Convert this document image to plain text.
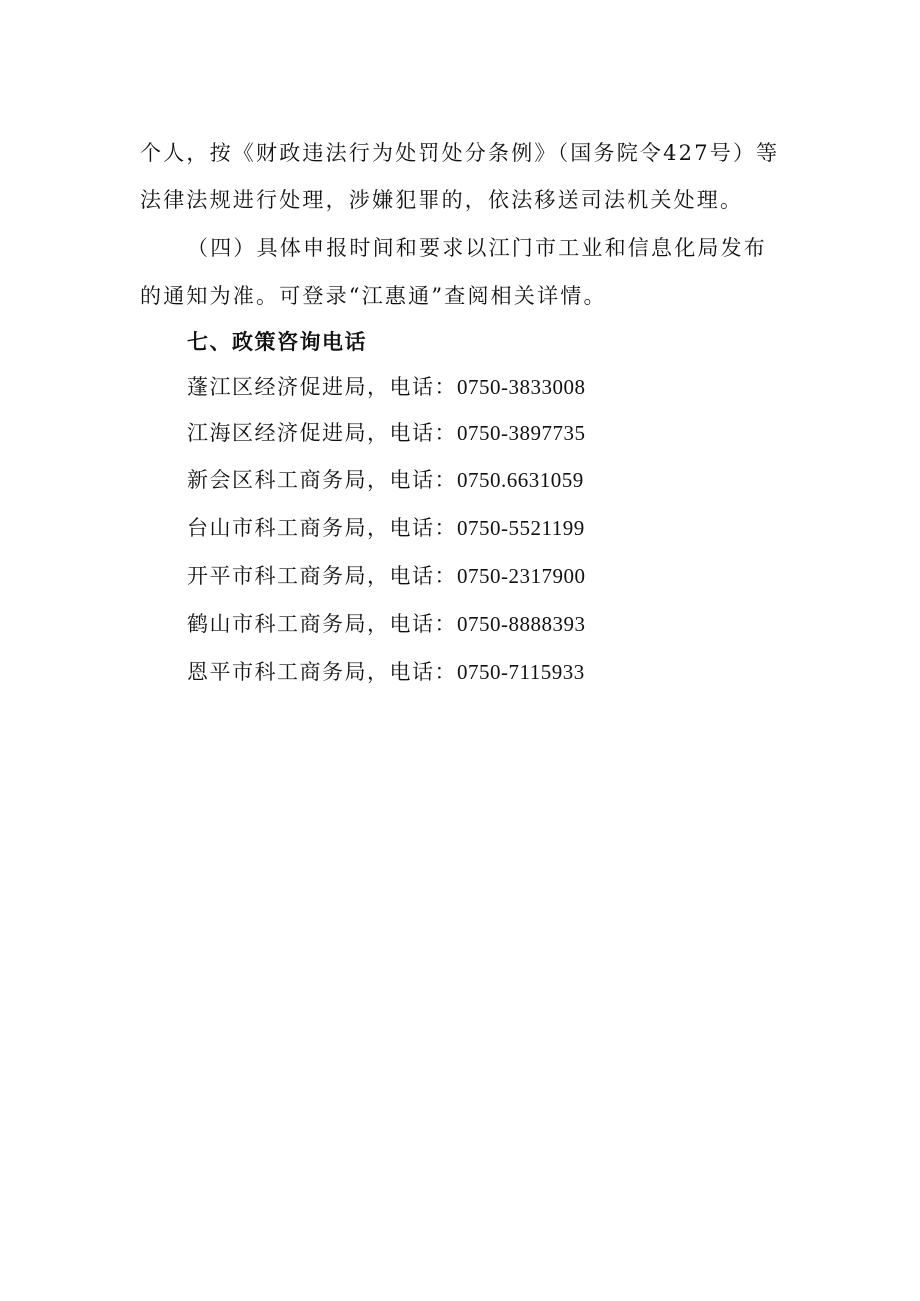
个人，按《财政违法行为处罚处分条例》（国务院令427号）等
法律法规进行处理，涉嫌犯罪的，依法移送司法机关处理。
（四）具体申报时间和要求以江门市工业和信息化局发布
的通知为准。可登录“江惠通”查阅相关详情。
七、政策咨询电话
蓬江区经济促进局，电话：0750-3833008
江海区经济促进局，电话：0750-3897735
新会区科工商务局，电话：0750.6631059
台山市科工商务局，电话：0750-5521199
开平市科工商务局，电话：0750-2317900
鹤山市科工商务局，电话：0750-8888393
恩平市科工商务局，电话：0750-7115933
